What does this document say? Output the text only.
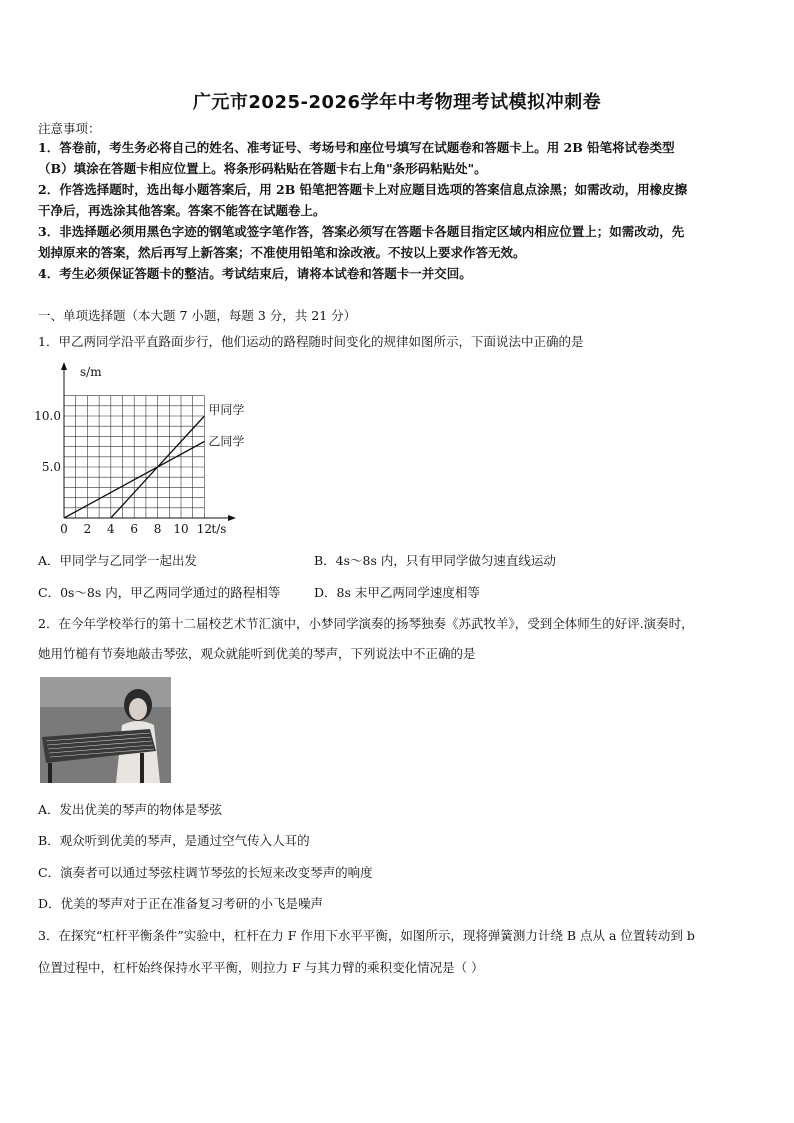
广元市2025-2026学年中考物理考试模拟冲刺卷
注意事项：
1．答卷前，考生务必将自己的姓名、准考证号、考场号和座位号填写在试题卷和答题卡上。用 2B 铅笔将试卷类型
（B）填涂在答题卡相应位置上。将条形码粘贴在答题卡右上角"条形码粘贴处"。
2．作答选择题时，选出每小题答案后，用 2B 铅笔把答题卡上对应题目选项的答案信息点涂黑；如需改动，用橡皮擦
干净后，再选涂其他答案。答案不能答在试题卷上。
3．非选择题必须用黑色字迹的钢笔或签字笔作答，答案必须写在答题卡各题目指定区域内相应位置上；如需改动，先
划掉原来的答案，然后再写上新答案；不准使用铅笔和涂改液。不按以上要求作答无效。
4．考生必须保证答题卡的整洁。考试结束后，请将本试卷和答题卡一并交回。
一、单项选择题（本大题 7 小题，每题 3 分，共 21 分）
1．甲乙两同学沿平直路面步行，他们运动的路程随时间变化的规律如图所示，下面说法中正确的是
甲同学
乙同学
0 2 4 6 8 10 12
5.0
10.0
s/m
t/s
A．甲同学与乙同学一起出发	B．4s～8s 内，只有甲同学做匀速直线运动
C．0s～8s 内，甲乙两同学通过的路程相等	D．8s 末甲乙两同学速度相等
2．在今年学校举行的第十二届校艺术节汇演中，小梦同学演奏的扬琴独奏《苏武牧羊》，受到全体师生的好评.演奏时，
她用竹槌有节奏地敲击琴弦，观众就能听到优美的琴声，下列说法中不正确的是
A．发出优美的琴声的物体是琴弦
B．观众听到优美的琴声，是通过空气传入人耳的
C．演奏者可以通过琴弦柱调节琴弦的长短来改变琴声的响度
D．优美的琴声对于正在准备复习考研的小飞是噪声
3．在探究“杠杆平衡条件”实验中，杠杆在力 F 作用下水平平衡，如图所示，现将弹簧测力计绕 B 点从 a 位置转动到 b
位置过程中，杠杆始终保持水平平衡，则拉力 F 与其力臂的乘积变化情况是（ ）
